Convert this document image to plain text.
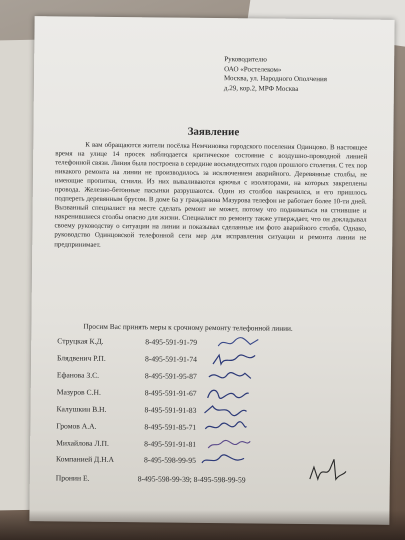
Руководителю
ОАО «Ростелеком»
Москва, ул. Народного Ополчения
д.29, кор.2, МРФ Москва
Заявление

К вам обращаются жители посёлка Немчиновка городского поселения Одинцово. В настоящее время на улице 14 просек наблюдается критическое состояние с воздушно-проводной линией телефонной связи. Линия была построена в середине восьмидесятых годов прошлого столетия. С тех пор никакого ремонта на линии не производилось за исключением аварийного. Деревянные столбы, не имеющие пропитки, сгнили. Из них вываливаются крючья с изоляторами, на которых закреплены провода. Железно-бетонные пасынки разрушаются. Один из столбов накренился, и его пришлось подпереть деревянным брусом. В доме 6а у гражданина Мазурова телефон не работает более 10-ти дней. Вызванный специалист на месте сделать ремонт не может, потому что подниматься на сгнившие и накренившиеся столбы опасно для жизни. Специалист по ремонту также утверждает, что он докладывал своему руководству о ситуации на линии и показывал сделанные им фото аварийного столба. Однако, руководство Одинцовской телефонной сети мер для исправления ситуации и ремонта линии не предпринимает.

Просим Вас принять меры к срочному ремонту телефонной линии.
Струцкая К.Д.	8-495-591-91-79
Блядвенич Р.П.	8-495-591-91-74
Ефанова З.С.	8-495-591-95-87
Мазуров С.Н.	8-495-591-91-67
Калушкин В.Н.	8-495-591-91-83
Громов А.А.	8-495-591-85-71
Михайлова Л.П.	8-495-591-91-81
Компанией Д.Н.А	8-495-598-99-95
Пронин Е.	8-495-598-99-39; 8-495-598-99-59
